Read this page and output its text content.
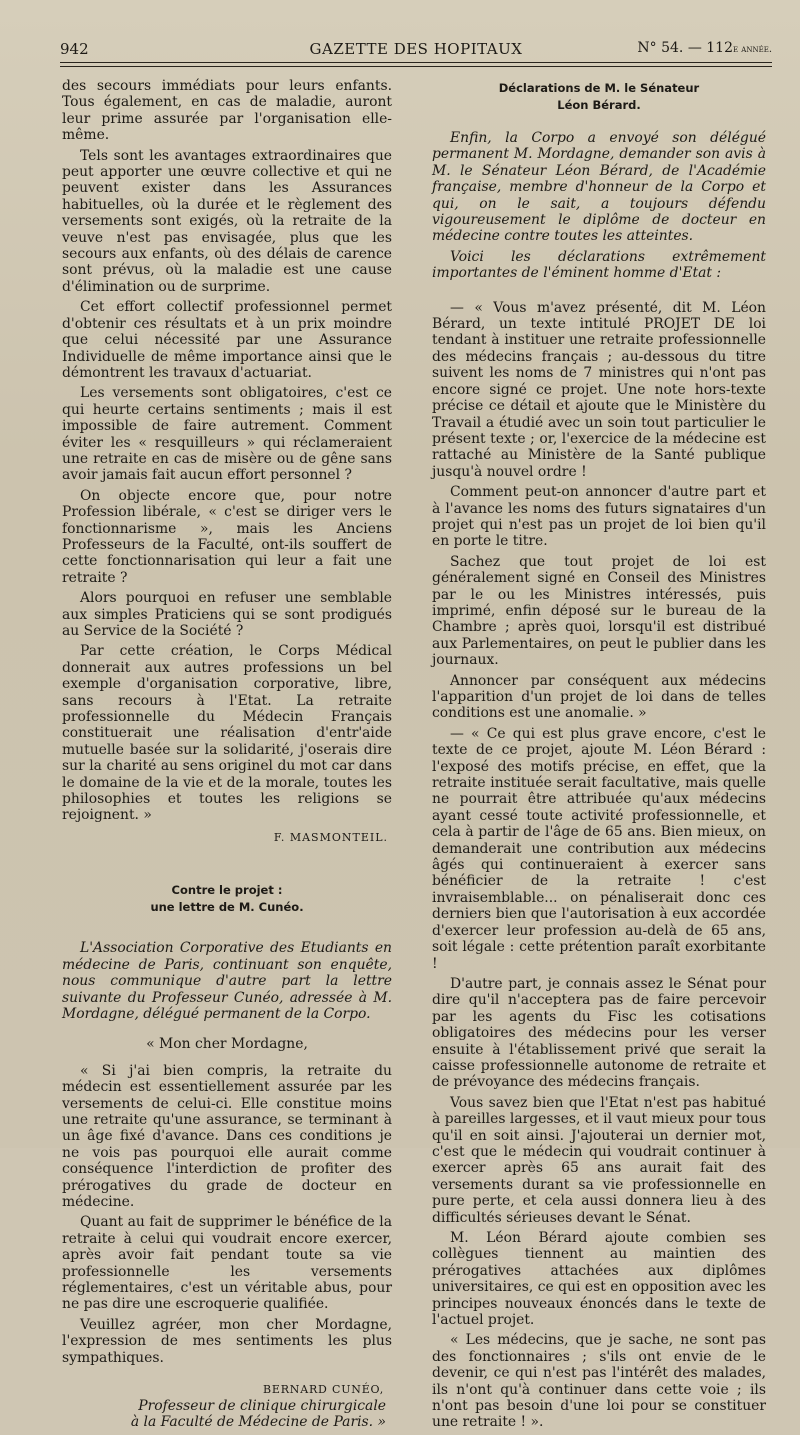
942	GAZETTE DES HOPITAUX	N° 54. — 112e année.

des secours immédiats pour leurs enfants. Tous également, en cas de maladie, auront leur prime assurée par l'organisation elle-même.

Tels sont les avantages extraordinaires que peut apporter une œuvre collective et qui ne peuvent exister dans les Assurances habituelles, où la durée et le règlement des versements sont exigés, où la retraite de la veuve n'est pas envisagée, plus que les secours aux enfants, où des délais de carence sont prévus, où la maladie est une cause d'élimination ou de surprime.

Cet effort collectif professionnel permet d'obtenir ces résultats et à un prix moindre que celui nécessité par une Assurance Individuelle de même importance ainsi que le démontrent les travaux d'actuariat.

Les versements sont obligatoires, c'est ce qui heurte certains sentiments ; mais il est impossible de faire autrement. Comment éviter les « resquilleurs » qui réclameraient une retraite en cas de misère ou de gêne sans avoir jamais fait aucun effort personnel ?

On objecte encore que, pour notre Profession libérale, « c'est se diriger vers le fonctionnarisme », mais les Anciens Professeurs de la Faculté, ont-ils souffert de cette fonctionnarisation qui leur a fait une retraite ?

Alors pourquoi en refuser une semblable aux simples Praticiens qui se sont prodigués au Service de la Société ?

Par cette création, le Corps Médical donnerait aux autres professions un bel exemple d'organisation corporative, libre, sans recours à l'Etat. La retraite professionnelle du Médecin Français constituerait une réalisation d'entr'aide mutuelle basée sur la solidarité, j'oserais dire sur la charité au sens originel du mot car dans le domaine de la vie et de la morale, toutes les philosophies et toutes les religions se rejoignent. »

F. MASMONTEIL.
Contre le projet :
une lettre de M. Cunéo.

L'Association Corporative des Etudiants en médecine de Paris, continuant son enquête, nous communique d'autre part la lettre suivante du Professeur Cunéo, adressée à M. Mordagne, délégué permanent de la Corpo.

« Mon cher Mordagne,

« Si j'ai bien compris, la retraite du médecin est essentiellement assurée par les versements de celui-ci. Elle constitue moins une retraite qu'une assurance, se terminant à un âge fixé d'avance. Dans ces conditions je ne vois pas pourquoi elle aurait comme conséquence l'interdiction de profiter des prérogatives du grade de docteur en médecine.

Quant au fait de supprimer le bénéfice de la retraite à celui qui voudrait encore exercer, après avoir fait pendant toute sa vie professionnelle les versements réglementaires, c'est un véritable abus, pour ne pas dire une escroquerie qualifiée.

Veuillez agréer, mon cher Mordagne, l'expression de mes sentiments les plus sympathiques.

BERNARD CUNÉO,
Professeur de clinique chirurgicale
à la Faculté de Médecine de Paris. »
Déclarations de M. le Sénateur
Léon Bérard.

Enfin, la Corpo a envoyé son délégué permanent M. Mordagne, demander son avis à M. le Sénateur Léon Bérard, de l'Académie française, membre d'honneur de la Corpo et qui, on le sait, a toujours défendu vigoureusement le diplôme de docteur en médecine contre toutes les atteintes.

Voici les déclarations extrêmement importantes de l'éminent homme d'Etat :

— « Vous m'avez présenté, dit M. Léon Bérard, un texte intitulé PROJET DE loi tendant à instituer une retraite professionnelle des médecins français ; au-dessous du titre suivent les noms de 7 ministres qui n'ont pas encore signé ce projet. Une note hors-texte précise ce détail et ajoute que le Ministère du Travail a étudié avec un soin tout particulier le présent texte ; or, l'exercice de la médecine est rattaché au Ministère de la Santé publique jusqu'à nouvel ordre !

Comment peut-on annoncer d'autre part et à l'avance les noms des futurs signataires d'un projet qui n'est pas un projet de loi bien qu'il en porte le titre.

Sachez que tout projet de loi est généralement signé en Conseil des Ministres par le ou les Ministres intéressés, puis imprimé, enfin déposé sur le bureau de la Chambre ; après quoi, lorsqu'il est distribué aux Parlementaires, on peut le publier dans les journaux.

Annoncer par conséquent aux médecins l'apparition d'un projet de loi dans de telles conditions est une anomalie. »

— « Ce qui est plus grave encore, c'est le texte de ce projet, ajoute M. Léon Bérard : l'exposé des motifs précise, en effet, que la retraite instituée serait facultative, mais quelle ne pourrait être attribuée qu'aux médecins ayant cessé toute activité professionnelle, et cela à partir de l'âge de 65 ans. Bien mieux, on demanderait une contribution aux médecins âgés qui continueraient à exercer sans bénéficier de la retraite ! c'est invraisemblable... on pénaliserait donc ces derniers bien que l'autorisation à eux accordée d'exercer leur profession au-delà de 65 ans, soit légale : cette prétention paraît exorbitante !

D'autre part, je connais assez le Sénat pour dire qu'il n'acceptera pas de faire percevoir par les agents du Fisc les cotisations obligatoires des médecins pour les verser ensuite à l'établissement privé que serait la caisse professionnelle autonome de retraite et de prévoyance des médecins français.

Vous savez bien que l'Etat n'est pas habitué à pareilles largesses, et il vaut mieux pour tous qu'il en soit ainsi. J'ajouterai un dernier mot, c'est que le médecin qui voudrait continuer à exercer après 65 ans aurait fait des versements durant sa vie professionnelle en pure perte, et cela aussi donnera lieu à des difficultés sérieuses devant le Sénat.

M. Léon Bérard ajoute combien ses collègues tiennent au maintien des prérogatives attachées aux diplômes universitaires, ce qui est en opposition avec les principes nouveaux énoncés dans le texte de l'actuel projet.

« Les médecins, que je sache, ne sont pas des fonctionnaires ; s'ils ont envie de le devenir, ce qui n'est pas l'intérêt des malades, ils n'ont qu'à continuer dans cette voie ; ils n'ont pas besoin d'une loi pour se constituer une retraite ! ».
